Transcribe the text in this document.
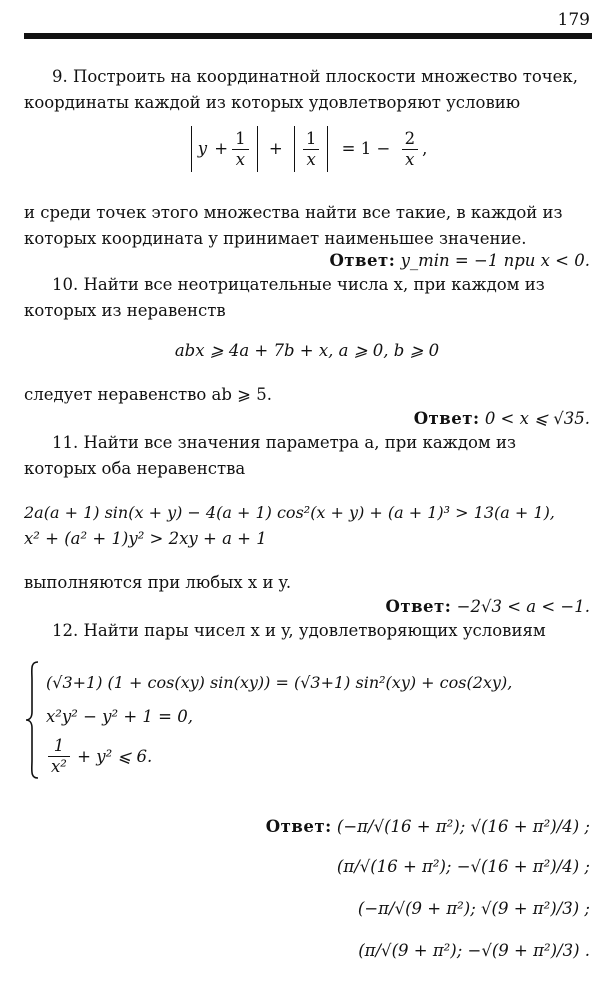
179
9. Построить на координатной плоскости множество точек, координаты каждой из которых удовлетворяют условию
$y + \frac{1}{x} + \frac{1}{x}$
= 1 −
$\frac{2}{x}$ ,
и среди точек этого множества найти все такие, в каждой из которых координата y принимает наименьшее значение.
Ответ: y_min = −1 при x < 0.
10. Найти все неотрицательные числа x, при каждом из которых из неравенств
abx ⩾ 4a + 7b + x, a ⩾ 0, b ⩾ 0
следует неравенство ab ⩾ 5.
Ответ: 0 < x ⩽ √35.
11. Найти все значения параметра a, при каждом из которых оба неравенства
2a(a + 1) sin(x + y) − 4(a + 1) cos²(x + y) + (a + 1)³ > 13(a + 1),
x² + (a² + 1)y² > 2xy + a + 1
выполняются при любых x и y.
Ответ: −2√3 < a < −1.
12. Найти пары чисел x и y, удовлетворяющих условиям
(√3+1) (1 + cos(xy) sin(xy)) = (√3+1) sin²(xy) + cos(2xy),
x²y² − y² + 1 = 0,
$\frac{1}{\text{x²}}$
+ y² ⩽ 6.
Ответ: (−π/√(16 + π²); √(16 + π²)/4) ;
(π/√(16 + π²); −√(16 + π²)/4) ;
(−π/√(9 + π²); √(9 + π²)/3) ;
(π/√(9 + π²); −√(9 + π²)/3) .
